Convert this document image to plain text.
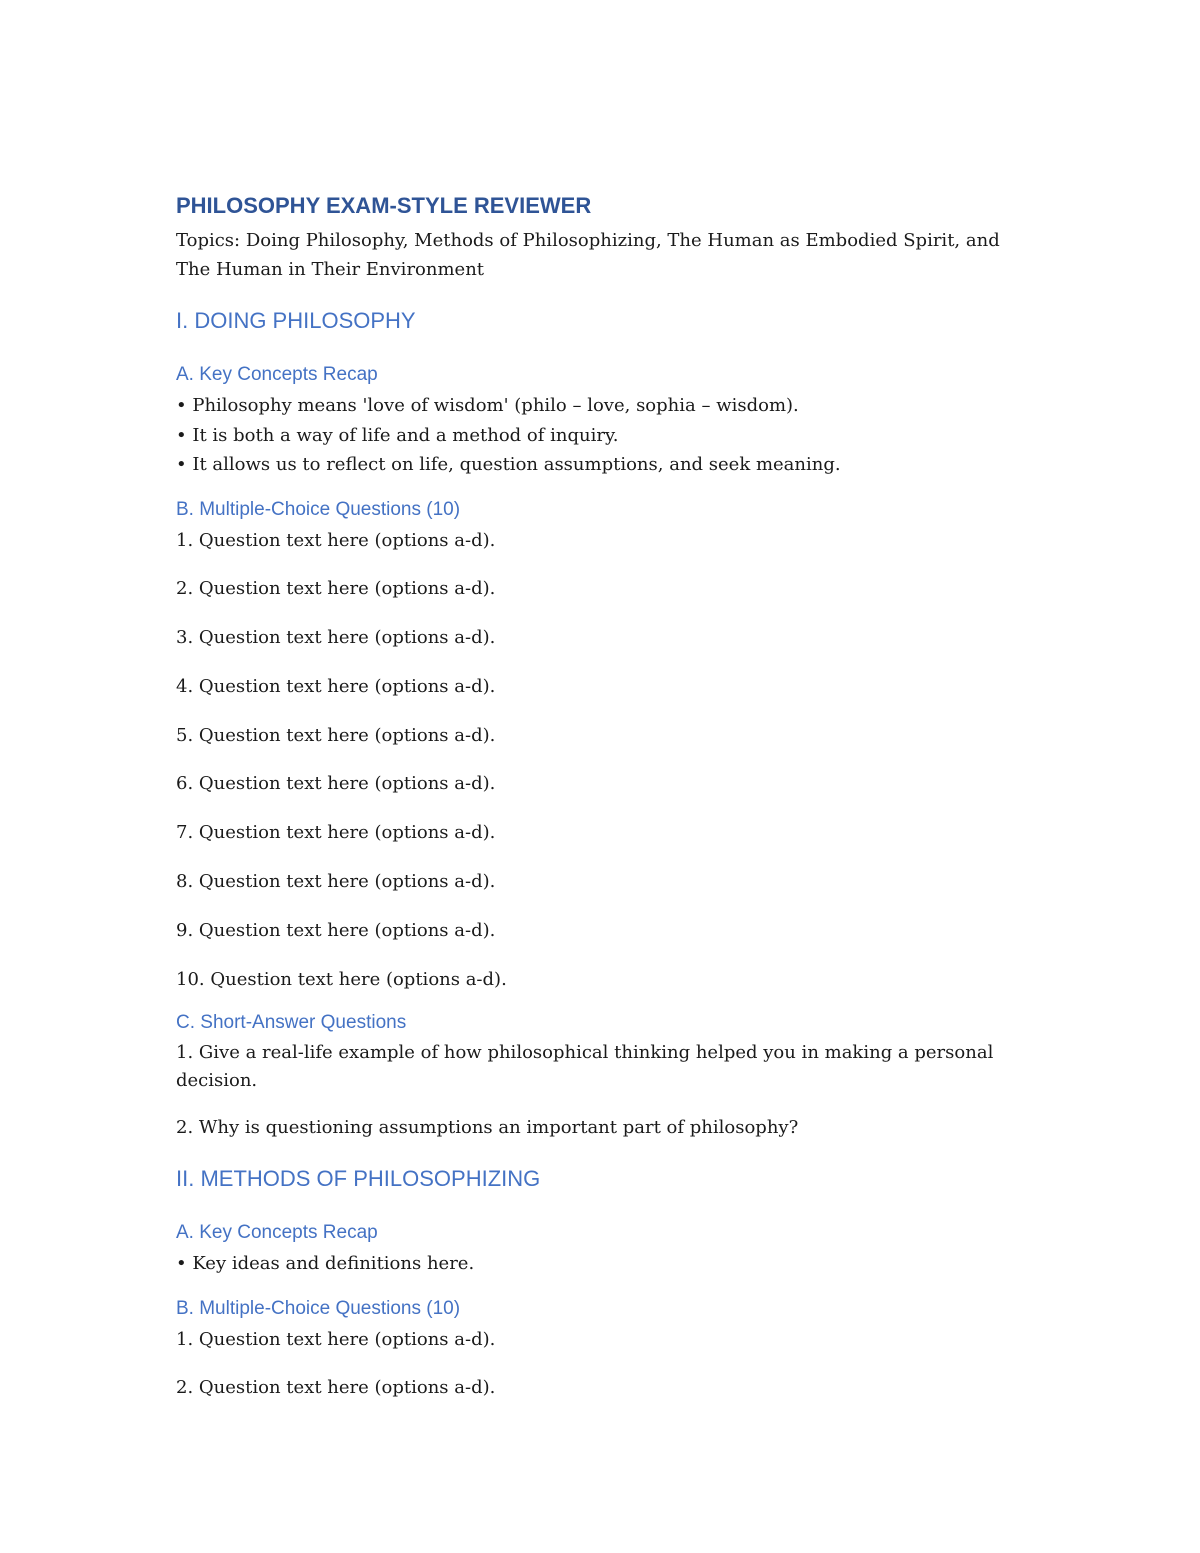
PHILOSOPHY EXAM-STYLE REVIEWER
Topics: Doing Philosophy, Methods of Philosophizing, The Human as Embodied Spirit, and The Human in Their Environment
I. DOING PHILOSOPHY
A. Key Concepts Recap

• Philosophy means 'love of wisdom' (philo – love, sophia – wisdom).

• It is both a way of life and a method of inquiry.

• It allows us to reflect on life, question assumptions, and seek meaning.

B. Multiple-Choice Questions (10)

1. Question text here (options a-d).

2. Question text here (options a-d).

3. Question text here (options a-d).

4. Question text here (options a-d).

5. Question text here (options a-d).

6. Question text here (options a-d).

7. Question text here (options a-d).

8. Question text here (options a-d).

9. Question text here (options a-d).

10. Question text here (options a-d).

C. Short-Answer Questions

1. Give a real-life example of how philosophical thinking helped you in making a personal decision.

2. Why is questioning assumptions an important part of philosophy?

II. METHODS OF PHILOSOPHIZING
A. Key Concepts Recap

• Key ideas and definitions here.

B. Multiple-Choice Questions (10)

1. Question text here (options a-d).

2. Question text here (options a-d).
